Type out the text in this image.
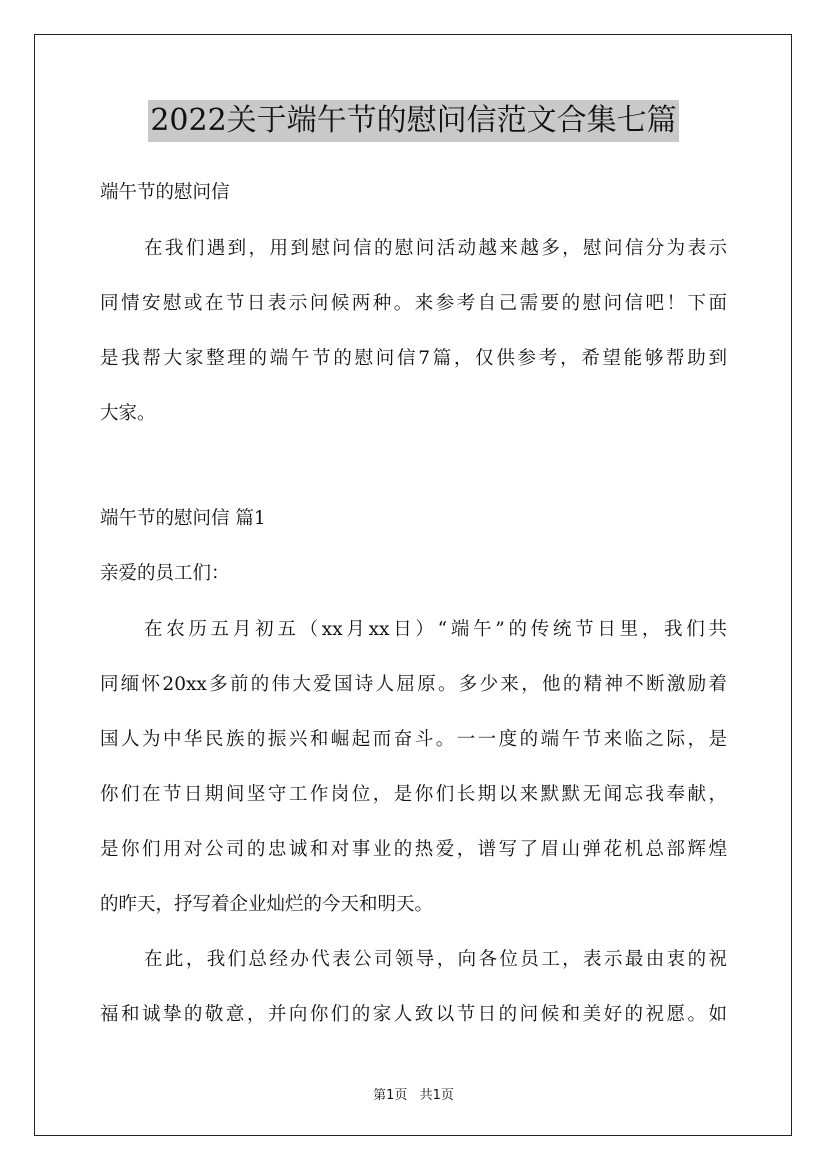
2022关于端午节的慰问信范文合集七篇
端午节的慰问信
在我们遇到，用到慰问信的慰问活动越来越多，慰问信分为表示
同情安慰或在节日表示问候两种。来参考自己需要的慰问信吧！下面
是我帮大家整理的端午节的慰问信7篇，仅供参考，希望能够帮助到
大家。
端午节的慰问信 篇1
亲爱的员工们：
在农历五月初五（xx月xx日）“端午”的传统节日里，我们共
同缅怀20xx多前的伟大爱国诗人屈原。多少来，他的精神不断激励着
国人为中华民族的振兴和崛起而奋斗。一一度的端午节来临之际，是
你们在节日期间坚守工作岗位，是你们长期以来默默无闻忘我奉献，
是你们用对公司的忠诚和对事业的热爱，谱写了眉山弹花机总部辉煌
的昨天，抒写着企业灿烂的今天和明天。
在此，我们总经办代表公司领导，向各位员工，表示最由衷的祝
福和诚挚的敬意，并向你们的家人致以节日的问候和美好的祝愿。如
第1页 共1页
